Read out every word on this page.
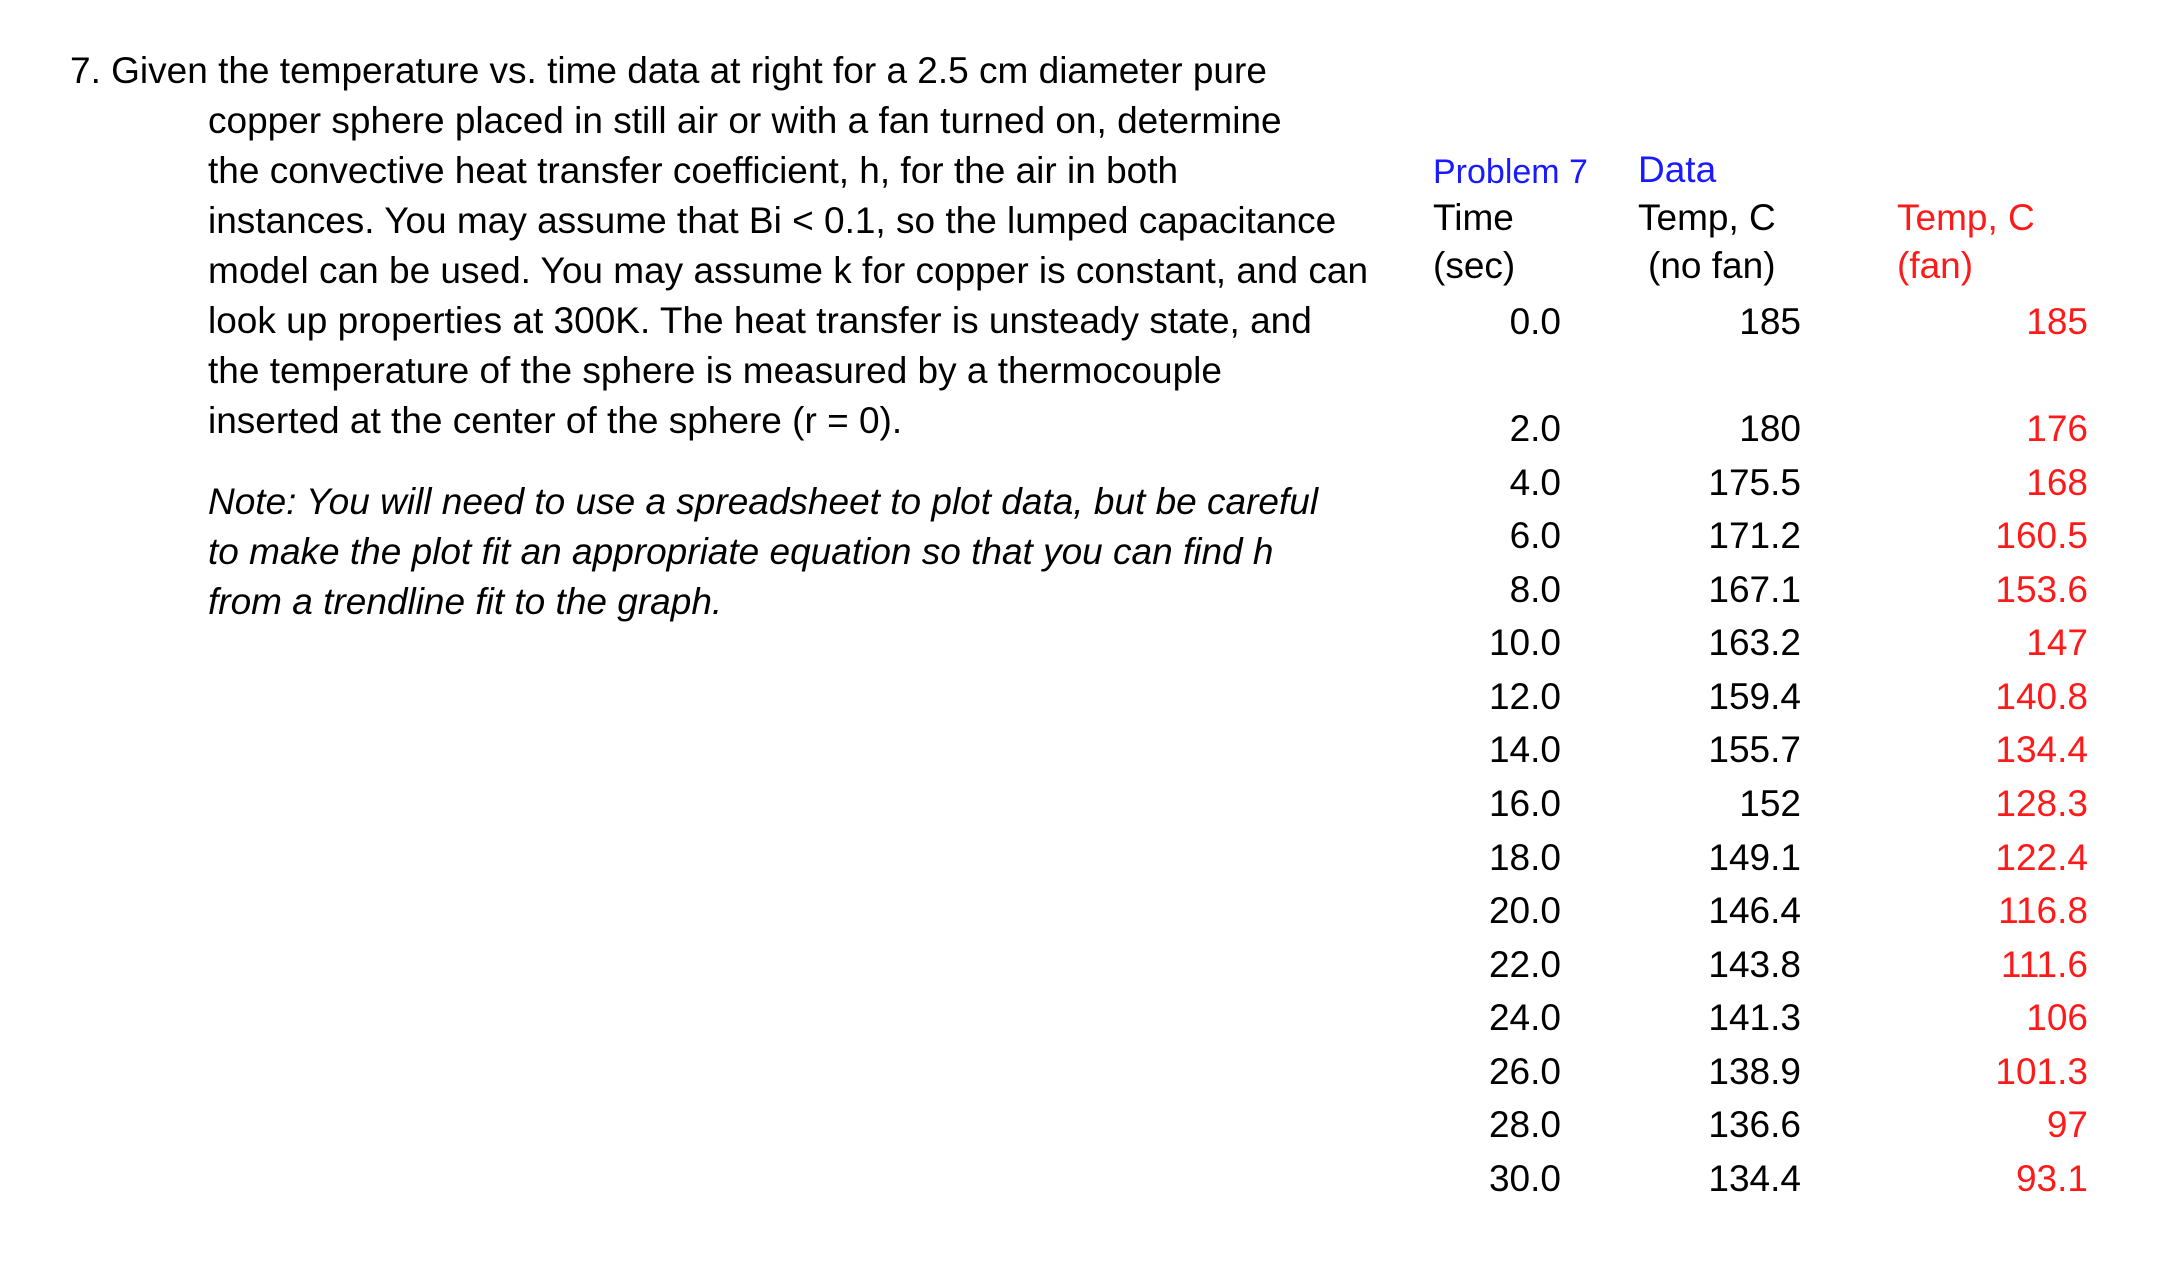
7. Given the temperature vs. time data at right for a 2.5 cm diameter pure
copper sphere placed in still air or with a fan turned on, determine
the convective heat transfer coefficient, h, for the air in both
instances. You may assume that Bi < 0.1, so the lumped capacitance
model can be used. You may assume k for copper is constant, and can
look up properties at 300K. The heat transfer is unsteady state, and
the temperature of the sphere is measured by a thermocouple
inserted at the center of the sphere (r = 0).
Note: You will need to use a spreadsheet to plot data, but be careful
to make the plot fit an appropriate equation so that you can find h
from a trendline fit to the graph.
Problem 7 Data
Time
(sec)
Temp, C
(no fan)
Temp, C
(fan)
0.0	185	185
2.0	180	176
4.0	175.5	168
6.0	171.2	160.5
8.0	167.1	153.6
10.0	163.2	147
12.0	159.4	140.8
14.0	155.7	134.4
16.0	152	128.3
18.0	149.1	122.4
20.0	146.4	116.8
22.0	143.8	111.6
24.0	141.3	106
26.0	138.9	101.3
28.0	136.6	97
30.0	134.4	93.1
